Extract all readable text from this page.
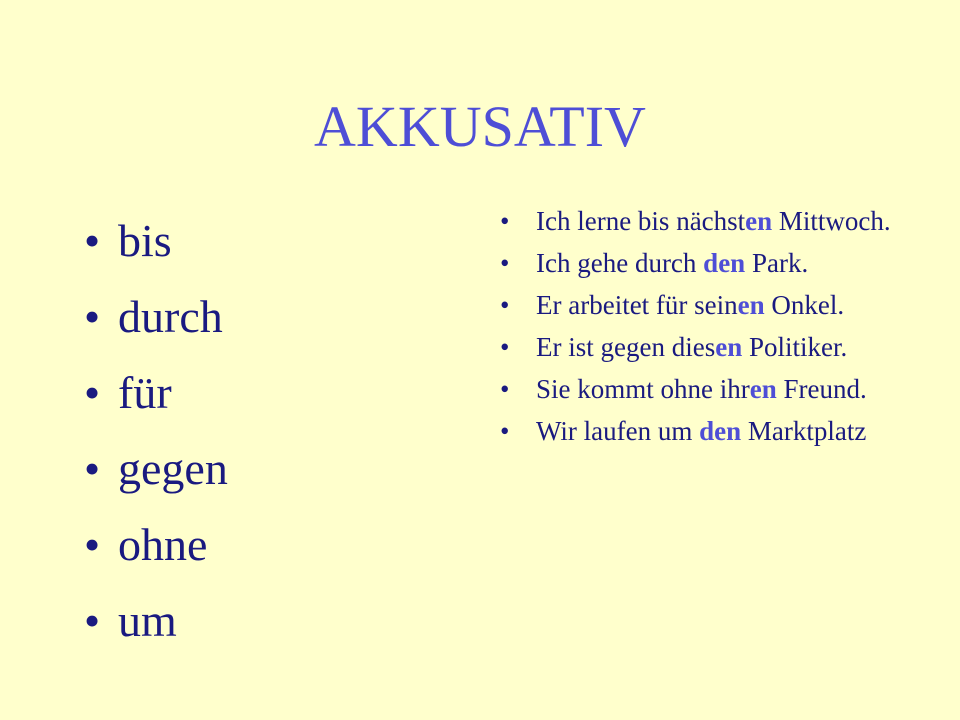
AKKUSATIV
• bis
• durch
• für
• gegen
• ohne
• um
• Ich lerne bis nächsten Mittwoch.
• Ich gehe durch den Park.
• Er arbeitet für seinen Onkel.
• Er ist gegen diesen Politiker.
• Sie kommt ohne ihren Freund.
• Wir laufen um den Marktplatz
